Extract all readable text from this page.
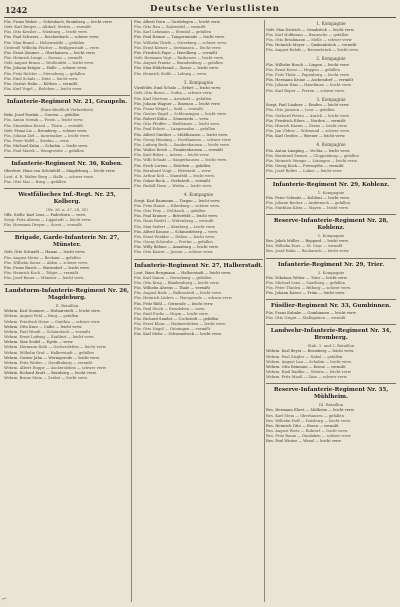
1242	Deutsche Verlustlisten
Füs. Franz Weber — Schönbach, Bromberg — leicht verw.
Gefr. Karl Berger — Altdorf, Stettin — vermißt
Füs. Otto Kessler — Nienburg — leicht verw.
Füs. Paul Schwarz — Reichenbach — schwer verw.
Füs. Max Brand — Hohenwalde — gefallen
Unteroff. Wilhelm Fischer — Heiligenstadt — verw.
Füs. Ernst Zimmer — Oberhausen — leicht verw.
Füs. Heinrich Lange — Dessau — vermißt
Gefr. August Braun — Weißenfels — leicht verw.
Füs. Johann Krüger — Halle — schwer verw.
Füs. Fritz Richter — Merseburg — gefallen
Füs. Emil Schulz — Zeitz — leicht verw.
Füs. Gustav Hahn — Köthen — vermißt
Füs. Karl Vogel — Eisleben — leicht verw.
Infanterie-Regiment Nr. 21, Graupeln.
(Einschließlich Verlustliste)
Rekr. Josef Pawlak — Gnesen — gefallen
Füs. Anton Nowak — Posen — leicht verw.
Füs. Stanislaus Kowal — Thorn — vermißt
Gefr. Franz Lis — Bromberg — schwer verw.
Füs. Johann Ziel — Inowrazlaw — leicht verw.
Füs. Peter Wolff — Strelno — verw.
Füs. Michael Kuhn — Schubin — leicht verw.
Füs. Paul Marek — Wongrowitz — gefallen
Infanterie-Regiment Nr. 36, Kuben.
Oberleut. Hans von Schönfeld — Magdeburg — leicht verw.
Leut. d. R. Walter Berg — Halle — schwer verw.
Füs. Otto Mai — Burg — gefallen
Westfälisches Inf.-Regt. Nr. 25, Kolberg.
(Nr. 26. u. 27, 28, 35)
Offz. Stellv. Karl Lenz — Paderborn — verw.
Sergt. Fritz Ahrens — Lippstadt — leicht verw.
Füs. Hermann Dreyer — Soest — vermißt
Brigade, Garde-Infanterie Nr. 27, Münster.
Gefr. Otto Schmidt — Hamm — leicht verw.
Füs. August Meier — Beckum — gefallen
Füs. Wilhelm Sauer — Ahlen — schwer verw.
Füs. Franz Busch — Warendorf — leicht verw.
Füs. Heinrich Koch — Telgte — vermißt
Füs. Josef Bauer — Münster — leicht verw.
Landsturm-Infanterie-Regiment Nr. 26, Magdeburg.
II. Bataillon
Wehrm. Karl Sommer — Wolmirstedt — leicht verw.
Wehrm. August Pohl — Burg — gefallen
Wehrm. Friedrich Heise — Genthin — schwer verw.
Wehrm. Otto Kurz — Calbe — leicht verw.
Wehrm. Paul Wendt — Schönebeck — vermißt
Wehrm. Ernst Ludwig — Staßfurt — leicht verw.
Wehrm. Max Seidel — Egeln — verw.
Wehrm. Hermann Roth — Oschersleben — leicht verw.
Wehrm. Wilhelm Graf — Halberstadt — gefallen
Wehrm. Gustav Jahn — Wernigerode — leicht verw.
Wehrm. Fritz Wolter — Quedlinburg — vermißt
Wehrm. Albert Hoppe — Aschersleben — schwer verw.
Wehrm. Richard Kraft — Bernburg — leicht verw.
Wehrm. Bruno Stein — Zerbst — leicht verw.
Füs. Albert Dorn — Gardelegen — leicht verw.
Füs. Otto Rau — Salzwedel — vermißt
Füs. Karl Lehmann — Stendal — gefallen
Füs. Paul Heinze — Tangermünde — leicht verw.
Füs. Wilhelm Thiele — Osterburg — schwer verw.
Füs. Ernst Körner — Seehausen — leicht verw.
Füs. Friedrich Pape — Havelberg — vermißt
Gefr. Hermann Vogt — Rathenow — leicht verw.
Füs. August Franke — Brandenburg — gefallen
Füs. Max Hildebrand — Ziesar — leicht verw.
Füs. Heinrich Stolle — Loburg — verw.
3. Kompagnie
Vizefeldw. Emil Scholz — Erfurt — leicht verw.
Gefr. Otto Busse — Gotha — schwer verw.
Füs. Karl Mertens — Arnstadt — gefallen
Füs. Johann Wagner — Ilmenau — leicht verw.
Füs. Franz Weigel — Suhl — vermißt
Füs. Gustav Engel — Schleusingen — leicht verw.
Füs. Robert Kühn — Sömmerda — verw.
Füs. Otto Pfeiffer — Weißensee — leicht verw.
Füs. Paul Eckert — Langensalza — gefallen
Füs. Alfred Günther — Mühlhausen — leicht verw.
Füs. Georg Henning — Nordhausen — schwer verw.
Füs. Ludwig Beck — Sondershausen — leicht verw.
Füs. Walter Reich — Frankenhausen — vermißt
Füs. Kurt Ritter — Artern — leicht verw.
Füs. Willi Schade — Sangerhausen — leicht verw.
Füs. Erich Lorenz — Eisleben — gefallen
Füs. Bernhard Voigt — Hettstedt — verw.
Füs. Arthur Keil — Mansfeld — leicht verw.
Füs. Oskar Bock — Gerbstedt — vermißt
Füs. Rudolf Horn — Wettin — leicht verw.
4. Kompagnie
Sergt. Karl Baumann — Torgau — leicht verw.
Füs. Fritz Haase — Eilenburg — schwer verw.
Füs. Otto Frey — Delitzsch — gefallen
Füs. Paul Kramer — Bitterfeld — leicht verw.
Füs. Hans Riedel — Wittenberg — vermißt
Füs. Max Seifert — Kemberg — leicht verw.
Füs. Alfred Krause — Schmiedeberg — verw.
Füs. Ernst Winkler — Düben — leicht verw.
Füs. Georg Schwabe — Prettin — gefallen
Füs. Willy Böhme — Annaburg — leicht verw.
Füs. Otto Kaiser — Jessen — schwer verw.
Infanterie-Regiment Nr. 27, Halberstadt.
Leut. Hans Bergmann — Halberstadt — leicht verw.
Füs. Karl Simon — Derenburg — gefallen
Füs. Otto Krug — Blankenburg — leicht verw.
Füs. Wilhelm Ahrens — Thale — vermißt
Füs. August Bode — Ballenstedt — leicht verw.
Füs. Heinrich Lüders — Harzgerode — schwer verw.
Füs. Fritz Rühl — Gernrode — leicht verw.
Füs. Paul Stock — Ermsleben — verw.
Füs. Emil Fuchs — Hoym — leicht verw.
Füs. Richard Sander — Cochstedt — gefallen
Füs. Ernst Klaus — Hadmersleben — leicht verw.
Füs. Otto Nagel — Gröningen — vermißt
Füs. Karl Mohr — Schwanebeck — leicht verw.
1. Kompagnie
Gefr. Max Dietrich — Osnabrück — leicht verw.
Füs. Karl Hoffmann — Bramsche — gefallen
Füs. Otto Brinkmann — Melle — schwer verw.
Füs. Heinrich Meyer — Quakenbrück — vermißt
Füs. August Rohde — Bersenbrück — leicht verw.
2. Kompagnie
Füs. Wilhelm Busch — Lingen — leicht verw.
Füs. Ernst Kruse — Meppen — gefallen
Füs. Fritz Thole — Papenburg — leicht verw.
Füs. Hermann Krone — Aschendorf — vermißt
Füs. Johann Hinz — Haselünne — leicht verw.
Füs. Karl Röper — Freren — schwer verw.
3. Kompagnie
Sergt. Paul Lindner — Emden — leicht verw.
Füs. Otto Janssen — Leer — gefallen
Füs. Gerhard Peters — Aurich — leicht verw.
Füs. Friedrich Eilers — Norden — vermißt
Füs. Hinrich Harms — Esens — leicht verw.
Füs. Jan Ubben — Wittmund — schwer verw.
Füs. Karl Gerdes — Weener — leicht verw.
4. Kompagnie
Füs. Anton Lamping — Vechta — leicht verw.
Füs. Bernhard Siemer — Cloppenburg — gefallen
Füs. Heinrich Wempe — Löningen — leicht verw.
Füs. Georg Kock — Friesoythe — vermißt
Füs. Josef Rolfes — Lohne — leicht verw.
Infanterie-Regiment Nr. 29, Koblenz.
1. Kompagnie
Füs. Peter Schmitz — Koblenz — leicht verw.
Füs. Johann Becker — Andernach — gefallen
Füs. Matthias Klein — Mayen — leicht verw.
Reserve-Infanterie-Regiment Nr. 28, Koblenz.
1. Kompagnie
Res. Jakob Müller — Boppard — leicht verw.
Res. Wilhelm Kurz — St. Goar — vermißt
Res. Josef Hahn — Bacharach — leicht verw.
Infanterie-Regiment Nr. 29, Trier.
2. Kompagnie
Füs. Nikolaus Weber — Trier — leicht verw.
Füs. Michael Lenz — Saarburg — gefallen
Füs. Peter Thielen — Bitburg — schwer verw.
Füs. Johann Kaiser — Prüm — leicht verw.
Füsilier-Regiment Nr. 33, Gumbinnen.
Füs. Franz Kuhnke — Gumbinnen — leicht verw.
Füs. Otto Grigat — Stallupönen — vermißt
Landwehr-Infanterie-Regiment Nr. 34, Bromberg.
Stab, 1. und 2. Bataillon
Wehrm. Karl Beyer — Bromberg — leicht verw.
Wehrm. Paul Ziegler — Nakel — gefallen
Wehrm. August Lau — Schubin — leicht verw.
Wehrm. Otto Reimann — Krone — vermißt
Wehrm. Emil Radtke — Wirsitz — leicht verw.
Wehrm. Fritz Maaß — Znin — schwer verw.
Reserve-Infanterie-Regiment Nr. 35, Mühlheim.
III. Bataillon
Res. Hermann Ebert — Mülheim — leicht verw.
Res. Karl Stein — Oberhausen — gefallen
Res. Wilhelm Hoff — Duisburg — leicht verw.
Res. Heinrich Otto — Essen — vermißt
Res. August Wirtz — Ruhrort — leicht verw.
Res. Fritz Baum — Dinslaken — schwer verw.
Res. Paul Winter — Wesel — leicht verw.
⌐
